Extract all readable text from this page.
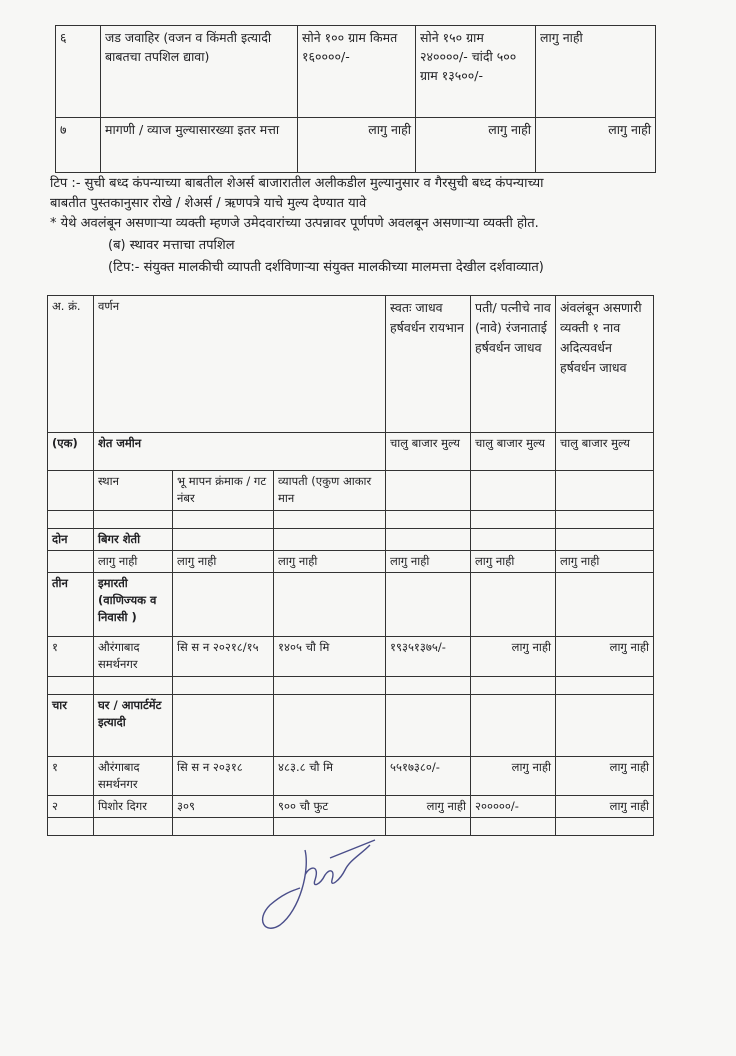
६	जड जवाहिर (वजन व किंमती इत्यादी बाबतचा तपशिल द्यावा)	सोने १०० ग्राम किमत १६००००/-	सोने १५० ग्राम २४००००/- चांदी ५०० ग्राम १३५००/-	लागु नाही
७	मागणी / व्याज मुल्यासारख्या इतर मत्ता	लागु नाही	लागु नाही	लागु नाही
टिप :- सुची बध्द कंपन्याच्या बाबतील शेअर्स बाजारातील अलीकडील मुल्यानुसार व गैरसुची बध्द कंपन्याच्या
बाबतीत पुस्तकानुसार रोखे / शेअर्स / ऋणपत्रे याचे मुल्य देण्यात यावे
* येथे अवलंबून असणाऱ्या व्यक्ती म्हणजे उमेदवारांच्या उत्पन्नावर पूर्णपणे अवलबून असणाऱ्या व्यक्ती होत.
(ब) स्थावर मत्ताचा तपशिल
(टिप:- संयुक्त मालकीची व्यापती दर्शविणाऱ्या संयुक्त मालकीच्या मालमत्ता देखील दर्शवाव्यात)
अ. क्रं.	वर्णन			स्वतः जाधव हर्षवर्धन रायभान	पती/ पत्नीचे नाव (नावे) रंजनाताई हर्षवर्धन जाधव	अंवलंबून असणारी व्यक्ती १ नाव अदित्यवर्धन हर्षवर्धन जाधव
(एक)	शेत जमीन			चालु बाजार मुल्य	चालु बाजार मुल्य	चालु बाजार मुल्य
	स्थान	भू मापन क्रंमाक / गट नंबर	व्यापती (एकुण आकार मान			

दोन	बिगर शेती					
	लागु नाही	लागु नाही	लागु नाही	लागु नाही	लागु नाही	लागु नाही
तीन	इमारती (वाणिज्यक व निवासी )					
१	औरंगाबाद समर्थनगर	सि स न २०२१८/१५	१४०५ चौ मि	१९३५१३७५/-	लागु नाही	लागु नाही

चार	घर / आपार्टमेंट इत्यादी					
१	औरंगाबाद समर्थनगर	सि स न २०३१८	४८३.८ चौ मि	५५१७३८०/-	लागु नाही	लागु नाही
२	पिशोर दिगर	३०९	९०० चौ फुट	लागु नाही	२०००००/-	लागु नाही
